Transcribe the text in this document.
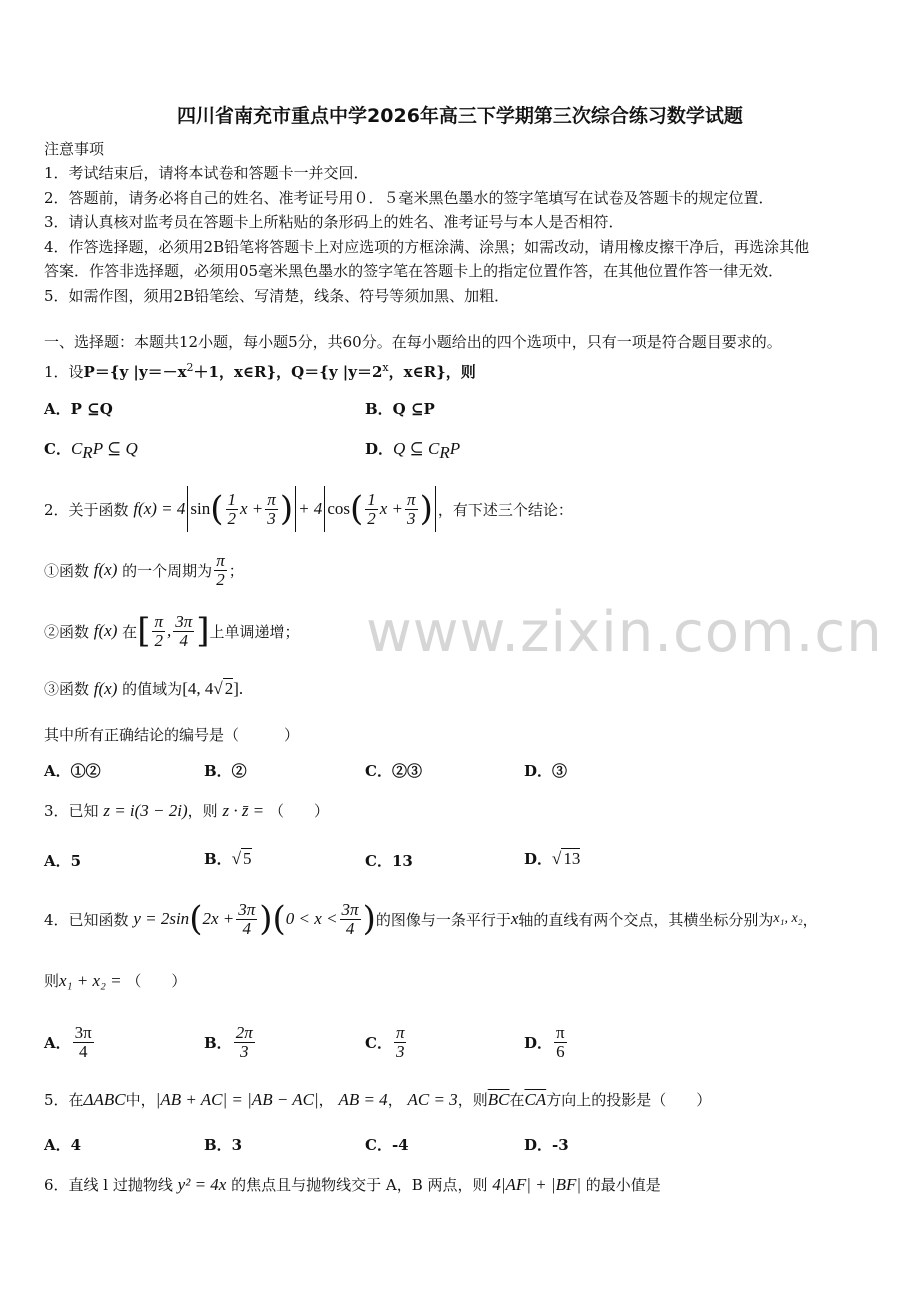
四川省南充市重点中学2026年高三下学期第三次综合练习数学试题
注意事项
1．考试结束后，请将本试卷和答题卡一并交回．
2．答题前，请务必将自己的姓名、准考证号用０．５毫米黑色墨水的签字笔填写在试卷及答题卡的规定位置．
3．请认真核对监考员在答题卡上所粘贴的条形码上的姓名、准考证号与本人是否相符．
4．作答选择题，必须用2B铅笔将答题卡上对应选项的方框涂满、涂黑；如需改动，请用橡皮擦干净后，再选涂其他
答案．作答非选择题，必须用05毫米黑色墨水的签字笔在答题卡上的指定位置作答，在其他位置作答一律无效．
5．如需作图，须用2B铅笔绘、写清楚，线条、符号等须加黑、加粗．
一、选择题：本题共12小题，每小题5分，共60分。在每小题给出的四个选项中，只有一项是符合题目要求的。
1．设P＝{y $|y=-x^2+1$，x∈R}，Q＝{y $|y=2^x$，x∈R}，则
A．P ⊆Q	B．Q ⊆P
C．$C_RP$ ⊆ Q	D．Q ⊆ $C_RP$
2．关于函数
f(x) = 4 sin ( $\frac{1}{2}$ $x + \frac{\pi}{3}$ ) + 4 cos ( $\frac{1}{2}$ $x + \frac{\pi}{3}$ ) ，有下述三个结论：
①函数
f(x)
的一个周期为 $\frac{\pi}{2}$ ；
②函数
f(x)
在 [ $\frac{\pi}{2}$ , $\frac{3\pi}{4}$ ] 上单调递增；
③函数 f(x) 的值域为[4, 4√ 2].
其中所有正确结论的编号是（　　　）
A．①②	B．②	C．②③	D．③
3．已知 z = i(3 − 2i)，则 z · z̄ = （　　）
A．5	B．√ 5	C．13	D．√ 13
4．已知函数
y = 2sin ( $2x + \frac{3\pi}{4}$ ) ( $0 < x < \frac{3\pi}{4}$ ) 的图像与一条平行于 x 轴的直线有两个交点，其横坐标分别为 x₁, x₂ ，
则x₁ + x₂ = （　　）
A． $\frac{3\pi}{4}$	B． $\frac{2\pi}{3}$	C． $\frac{\pi}{3}$	D． $\frac{\pi}{6}$
5．在ΔABC中，|AB + AC| = |AB − AC|， AB = 4， AC = 3，则$\overline{BC}$在$\overline{CA}$方向上的投影是（　　）
A．4	B．3	C．-4	D．-3
6．直线 l 过抛物线 y² = 4x 的焦点且与抛物线交于 A，B 两点，则 4|AF| + |BF| 的最小值是
www.zixin.com.cn
